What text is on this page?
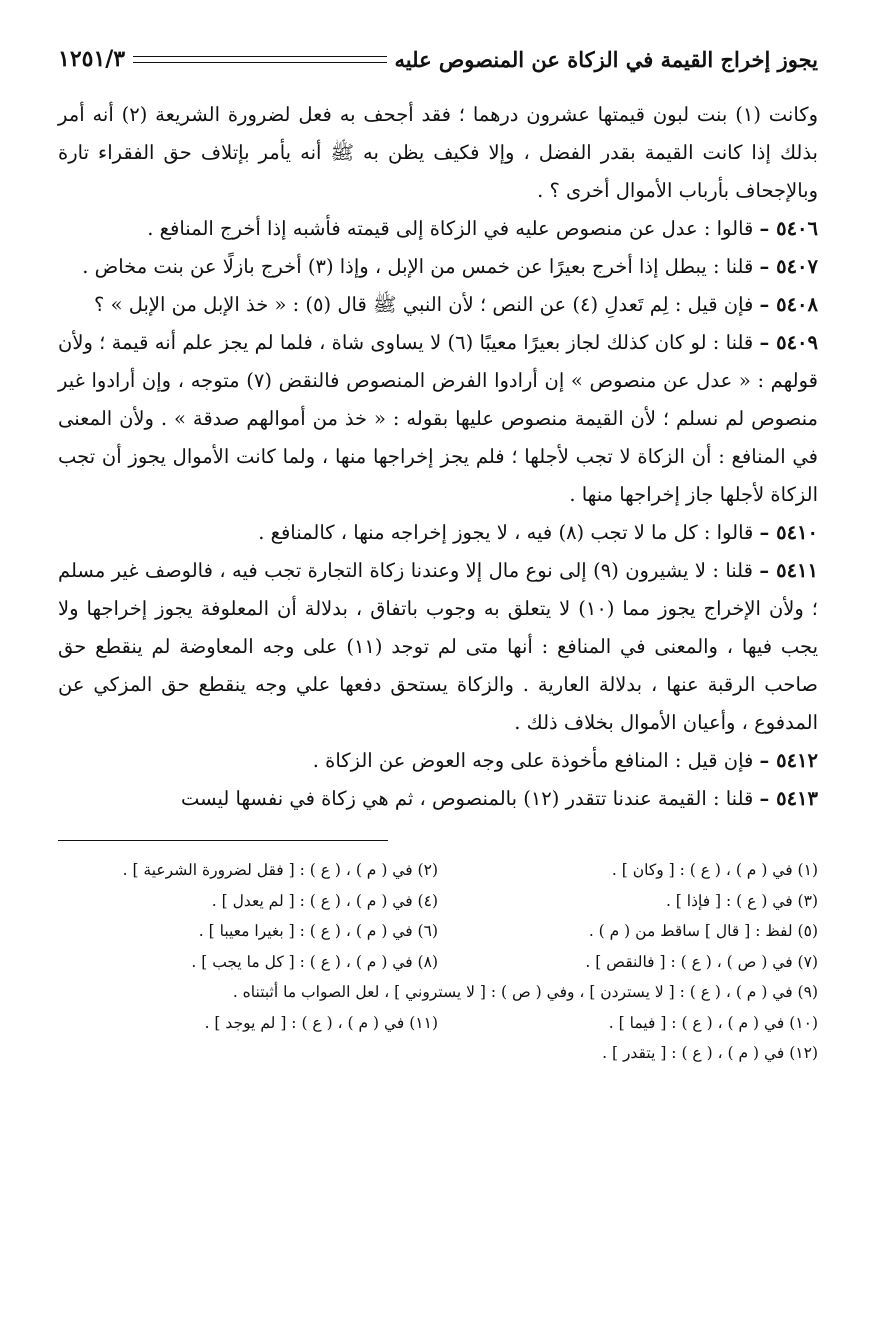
يجوز إخراج القيمة في الزكاة عن المنصوص عليه
١٢٥١/٣

وكانت (١) بنت لبون قيمتها عشرون درهما ؛ فقد أجحف به فعل لضرورة الشريعة (٢) أنه أمر بذلك إذا كانت القيمة بقدر الفضل ، وإلا فكيف يظن به ﷺ أنه يأمر بإتلاف حق الفقراء تارة وبالإجحاف بأرباب الأموال أخرى ؟ .

٥٤٠٦ – قالوا : عدل عن منصوص عليه في الزكاة إلى قيمته فأشبه إذا أخرج المنافع .

٥٤٠٧ – قلنا : يبطل إذا أخرج بعيرًا عن خمس من الإبل ، وإذا (٣) أخرج بازلًا عن بنت مخاض .

٥٤٠٨ – فإن قيل : لِم تَعدلِ (٤) عن النص ؛ لأن النبي ﷺ قال (٥) : « خذ الإبل من الإبل » ؟

٥٤٠٩ – قلنا : لو كان كذلك لجاز بعيرًا معيبًا (٦) لا يساوى شاة ، فلما لم يجز علم أنه قيمة ؛ ولأن قولهم : « عدل عن منصوص » إن أرادوا الفرض المنصوص فالنقض (٧) متوجه ، وإن أرادوا غير منصوص لم نسلم ؛ لأن القيمة منصوص عليها بقوله : « خذ من أموالهم صدقة » . ولأن المعنى في المنافع : أن الزكاة لا تجب لأجلها ؛ فلم يجز إخراجها منها ، ولما كانت الأموال يجوز أن تجب الزكاة لأجلها جاز إخراجها منها .

٥٤١٠ – قالوا : كل ما لا تجب (٨) فيه ، لا يجوز إخراجه منها ، كالمنافع .

٥٤١١ – قلنا : لا يشيرون (٩) إلى نوع مال إلا وعندنا زكاة التجارة تجب فيه ، فالوصف غير مسلم ؛ ولأن الإخراج يجوز مما (١٠) لا يتعلق به وجوب باتفاق ، بدلالة أن المعلوفة يجوز إخراجها ولا يجب فيها ، والمعنى في المنافع : أنها متى لم توجد (١١) على وجه المعاوضة لم ينقطع حق صاحب الرقبة عنها ، بدلالة العارية . والزكاة يستحق دفعها علي وجه ينقطع حق المزكي عن المدفوع ، وأعيان الأموال بخلاف ذلك .

٥٤١٢ – فإن قيل : المنافع مأخوذة على وجه العوض عن الزكاة .

٥٤١٣ – قلنا : القيمة عندنا تتقدر (١٢) بالمنصوص ، ثم هي زكاة في نفسها ليست

(١) في ( م ) ، ( ع ) : [ وكان ] .
(٢) في ( م ) ، ( ع ) : [ فقل لضرورة الشرعية ] .
(٣) في ( ع ) : [ فإذا ] .
(٤) في ( م ) ، ( ع ) : [ لم يعدل ] .
(٥) لفظ : [ قال ] ساقط من ( م ) .
(٦) في ( م ) ، ( ع ) : [ بغيرا معيبا ] .
(٧) في ( ص ) ، ( ع ) : [ فالنقص ] .
(٨) في ( م ) ، ( ع ) : [ كل ما يجب ] .
(٩) في ( م ) ، ( ع ) : [ لا يستردن ] ، وفي ( ص ) : [ لا يستروني ] ، لعل الصواب ما أثبتناه .
(١٠) في ( م ) ، ( ع ) : [ فيما ] .
(١١) في ( م ) ، ( ع ) : [ لم يوجد ] .
(١٢) في ( م ) ، ( ع ) : [ يتقدر ] .
